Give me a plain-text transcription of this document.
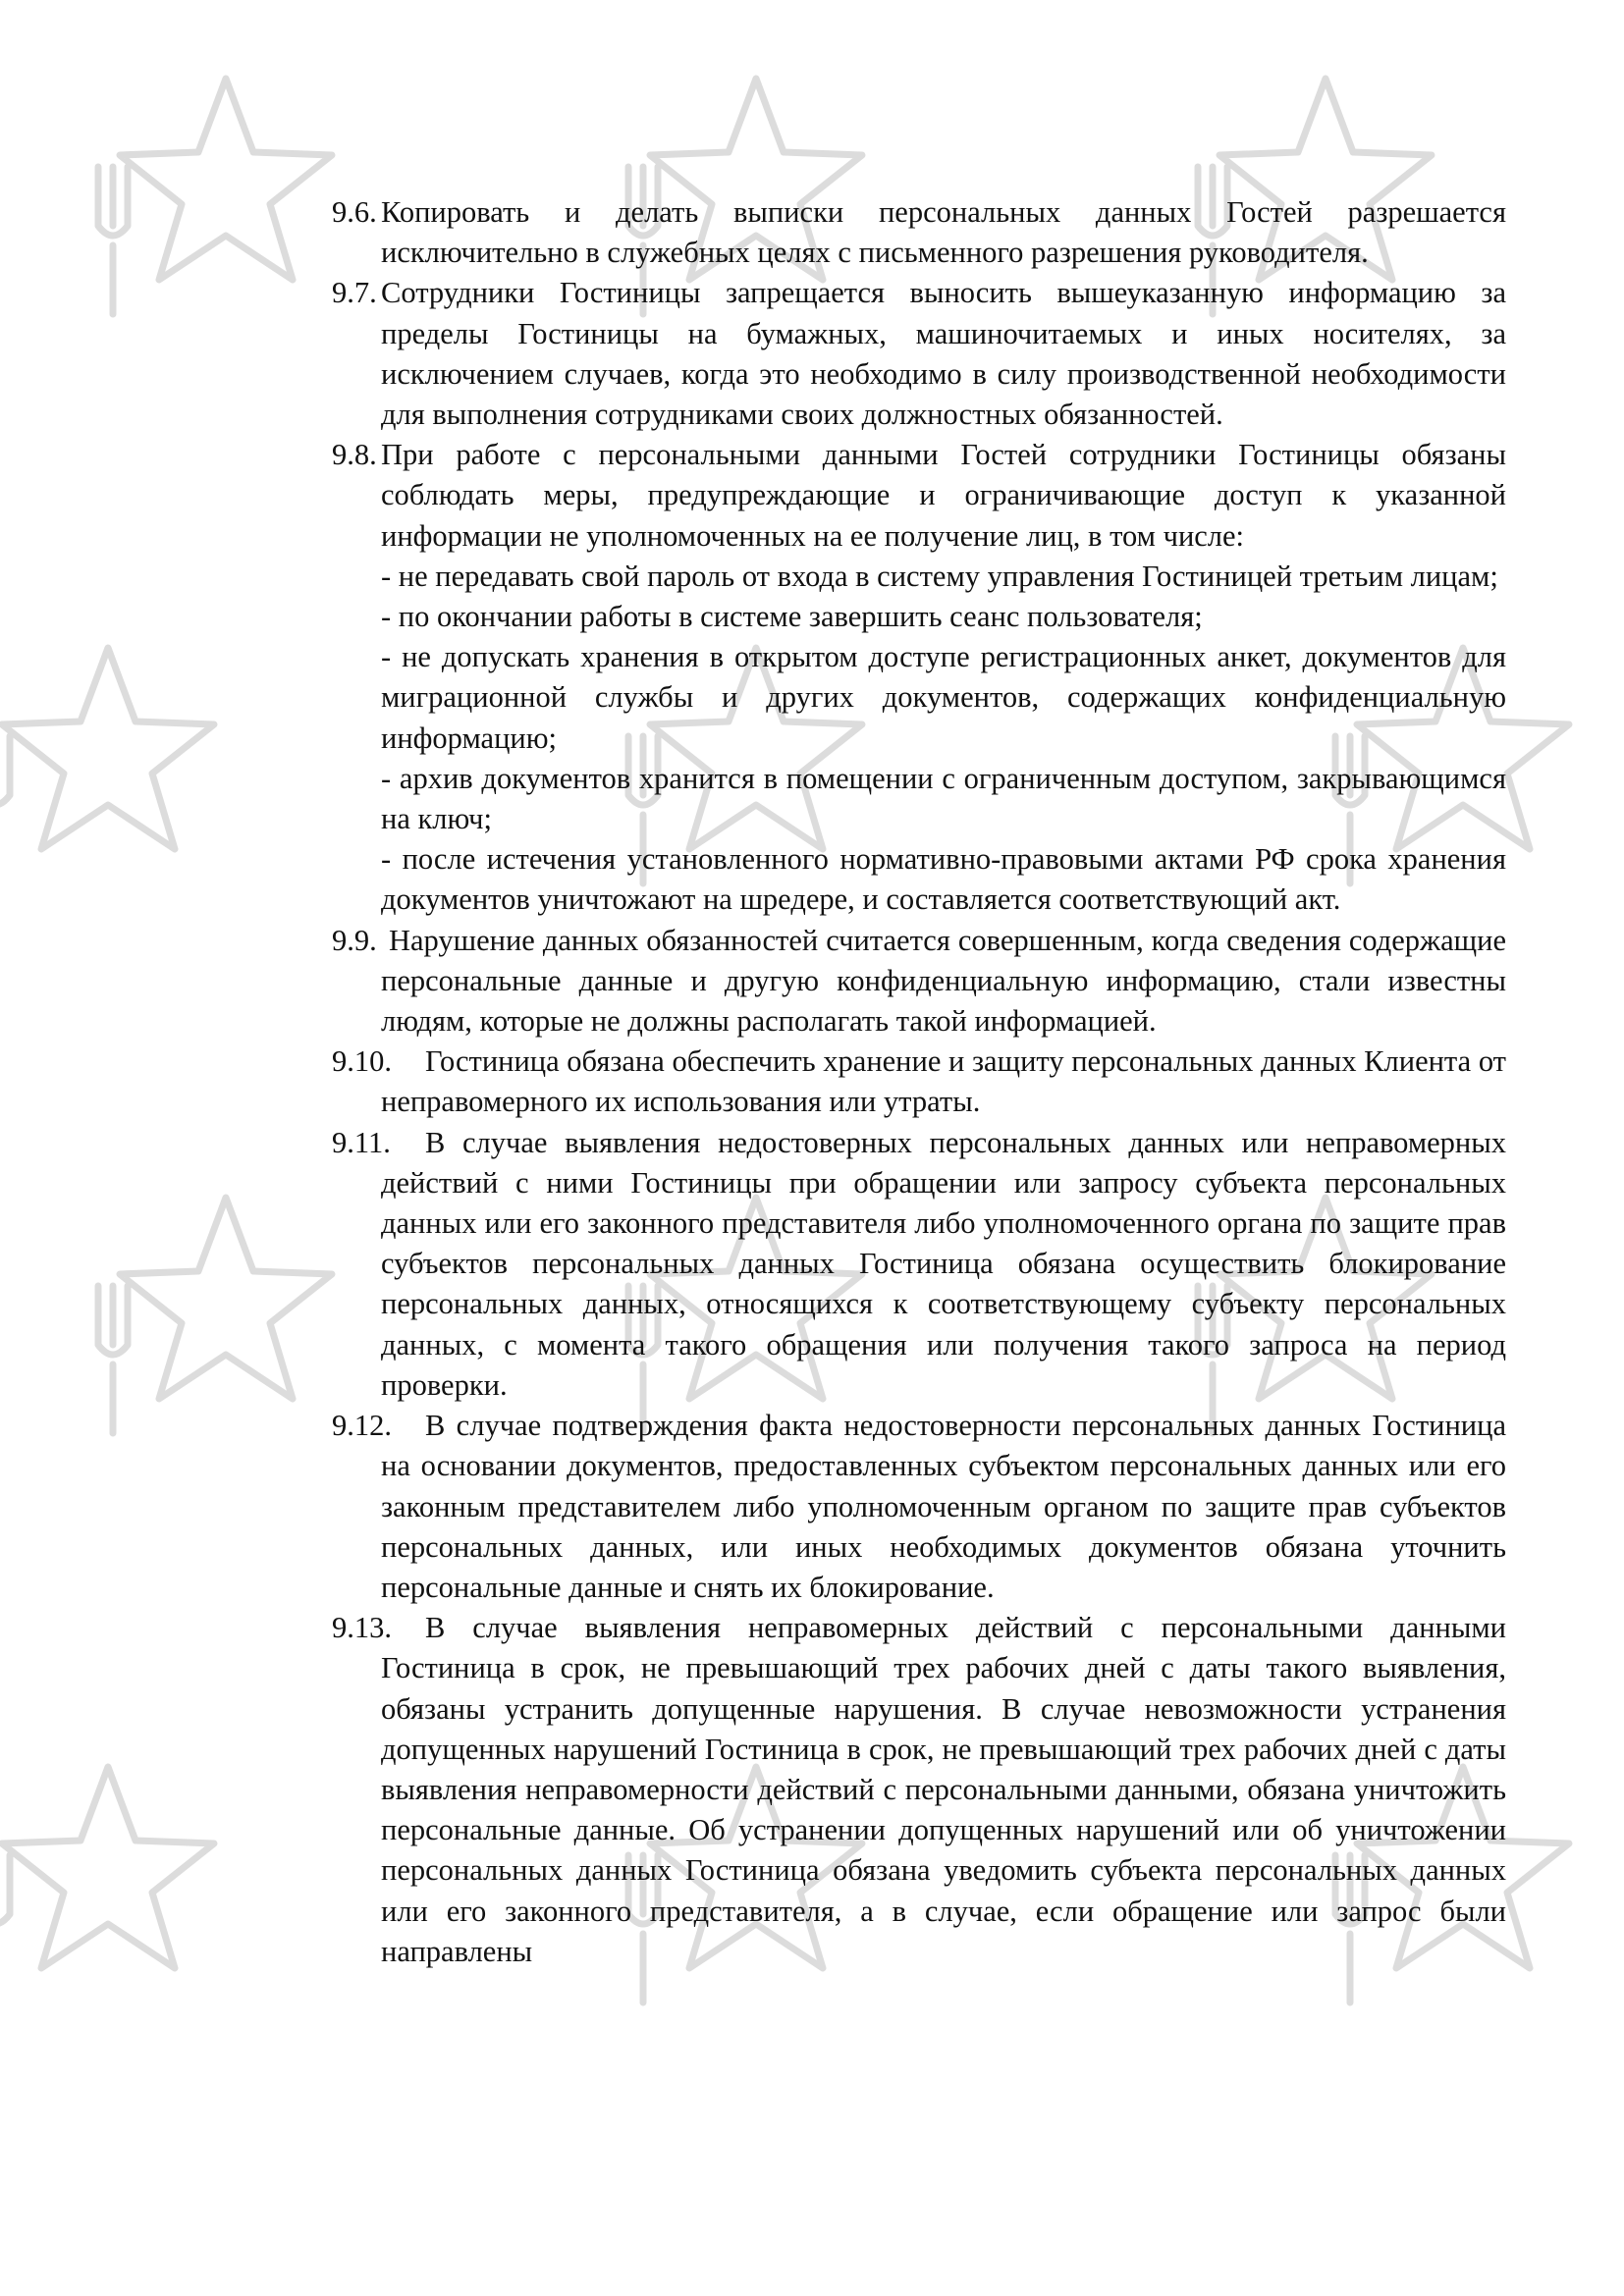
9.6. Копировать и делать выписки персональных данных Гостей разрешается исключительно в служебных целях с письменного разрешения руководителя.

9.7. Сотрудники Гостиницы запрещается выносить вышеуказанную информацию за пределы Гостиницы на бумажных, машиночитаемых и иных носителях, за исключением случаев, когда это необходимо в силу производственной необходимости для выполнения сотрудниками своих должностных обязанностей.

9.8. При работе с персональными данными Гостей сотрудники Гостиницы обязаны соблюдать меры, предупреждающие и ограничивающие доступ к указанной информации не уполномоченных на ее получение лиц, в том числе:

- не передавать свой пароль от входа в систему управления Гостиницей третьим лицам;

- по окончании работы в системе завершить сеанс пользователя;

- не допускать хранения в открытом доступе регистрационных анкет, документов для миграционной службы и других документов, содержащих конфиденциальную информацию;

- архив документов хранится в помещении с ограниченным доступом, закрывающимся на ключ;

- после истечения установленного нормативно-правовыми актами РФ срока хранения документов уничтожают на шредере, и составляется соответствующий акт.

9.9. Нарушение данных обязанностей считается совершенным, когда сведения содержащие персональные данные и другую конфиденциальную информацию, стали известны людям, которые не должны располагать такой информацией.

9.10. Гостиница обязана обеспечить хранение и защиту персональных данных Клиента от неправомерного их использования или утраты.

9.11. В случае выявления недостоверных персональных данных или неправомерных действий с ними Гостиницы при обращении или запросу субъекта персональных данных или его законного представителя либо уполномоченного органа по защите прав субъектов персональных данных Гостиница обязана осуществить блокирование персональных данных, относящихся к соответствующему субъекту персональных данных, с момента такого обращения или получения такого запроса на период проверки.

9.12. В случае подтверждения факта недостоверности персональных данных Гостиница на основании документов, предоставленных субъектом персональных данных или его законным представителем либо уполномоченным органом по защите прав субъектов персональных данных, или иных необходимых документов обязана уточнить персональные данные и снять их блокирование.

9.13. В случае выявления неправомерных действий с персональными данными Гостиница в срок, не превышающий трех рабочих дней с даты такого выявления, обязаны устранить допущенные нарушения. В случае невозможности устранения допущенных нарушений Гостиница в срок, не превышающий трех рабочих дней с даты выявления неправомерности действий с персональными данными, обязана уничтожить персональные данные. Об устранении допущенных нарушений или об уничтожении персональных данных Гостиница обязана уведомить субъекта персональных данных или его законного представителя, а в случае, если обращение или запрос были направлены
